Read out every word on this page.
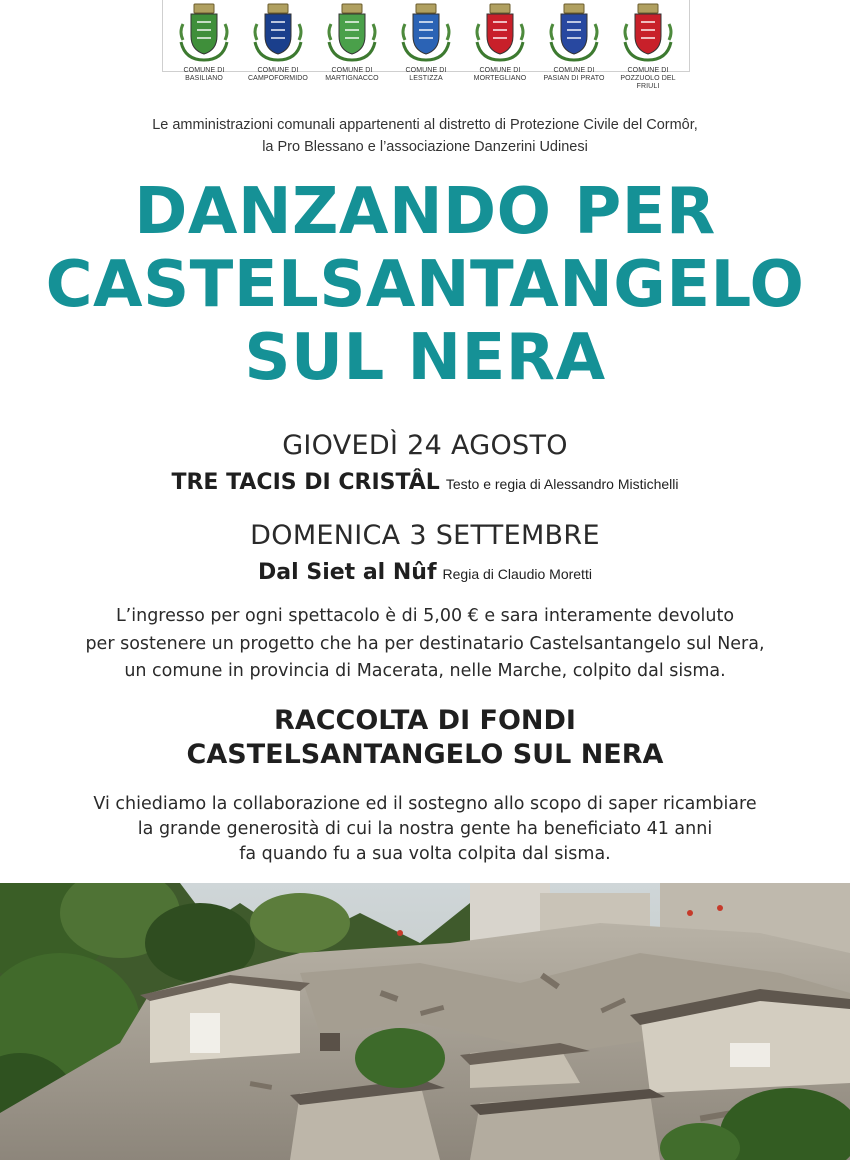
COMUNE DI
BASILIANO
COMUNE DI
CAMPOFORMIDO
COMUNE DI
MARTIGNACCO
COMUNE DI
LESTIZZA
COMUNE DI
MORTEGLIANO
COMUNE DI
PASIAN DI PRATO
COMUNE DI
POZZUOLO DEL FRIULI
Le amministrazioni comunali appartenenti al distretto di Protezione Civile del Cormôr,
la Pro Blessano e l’associazione Danzerini Udinesi
DANZANDO PER
CASTELSANTANGELO
SUL NERA
GIOVEDÌ 24 AGOSTO
TRE TACIS DI CRISTÂL Testo e regia di Alessandro Mistichelli
DOMENICA 3 SETTEMBRE
Dal Siet al Nûf Regia di Claudio Moretti
L’ingresso per ogni spettacolo è di 5,00 € e sara interamente devoluto
per sostenere un progetto che ha per destinatario Castelsantangelo sul Nera,
un comune in provincia di Macerata, nelle Marche, colpito dal sisma.
RACCOLTA DI FONDI
CASTELSANTANGELO SUL NERA
Vi chiediamo la collaborazione ed il sostegno allo scopo di saper ricambiare
la grande generosità di cui la nostra gente ha beneficiato 41 anni
fa quando fu a sua volta colpita dal sisma.
